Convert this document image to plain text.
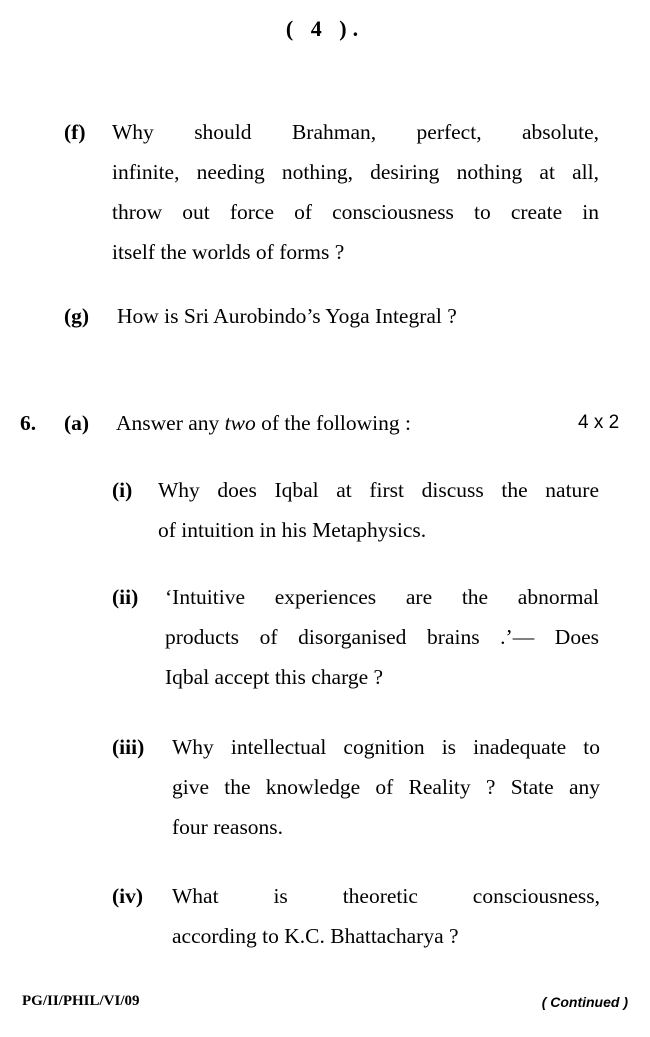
( 4 ).
(f) Why should Brahman, perfect, absolute,
infinite, needing nothing, desiring nothing at all,
throw out force of consciousness to create in
itself the worlds of forms ?
(g) How is Sri Aurobindo’s Yoga Integral ?
6. (a) Answer any two of the following :	4 x 2
(i) Why does Iqbal at first discuss the nature
of intuition in his Metaphysics.
(ii) ‘Intuitive experiences are the abnormal
products of disorganised brains .’— Does
Iqbal accept this charge ?
(iii) Why intellectual cognition is inadequate to
give the knowledge of Reality ? State any
four reasons.
(iv) What is theoretic consciousness,
according to K.C. Bhattacharya ?
PG/II/PHIL/VI/09	( Continued )
